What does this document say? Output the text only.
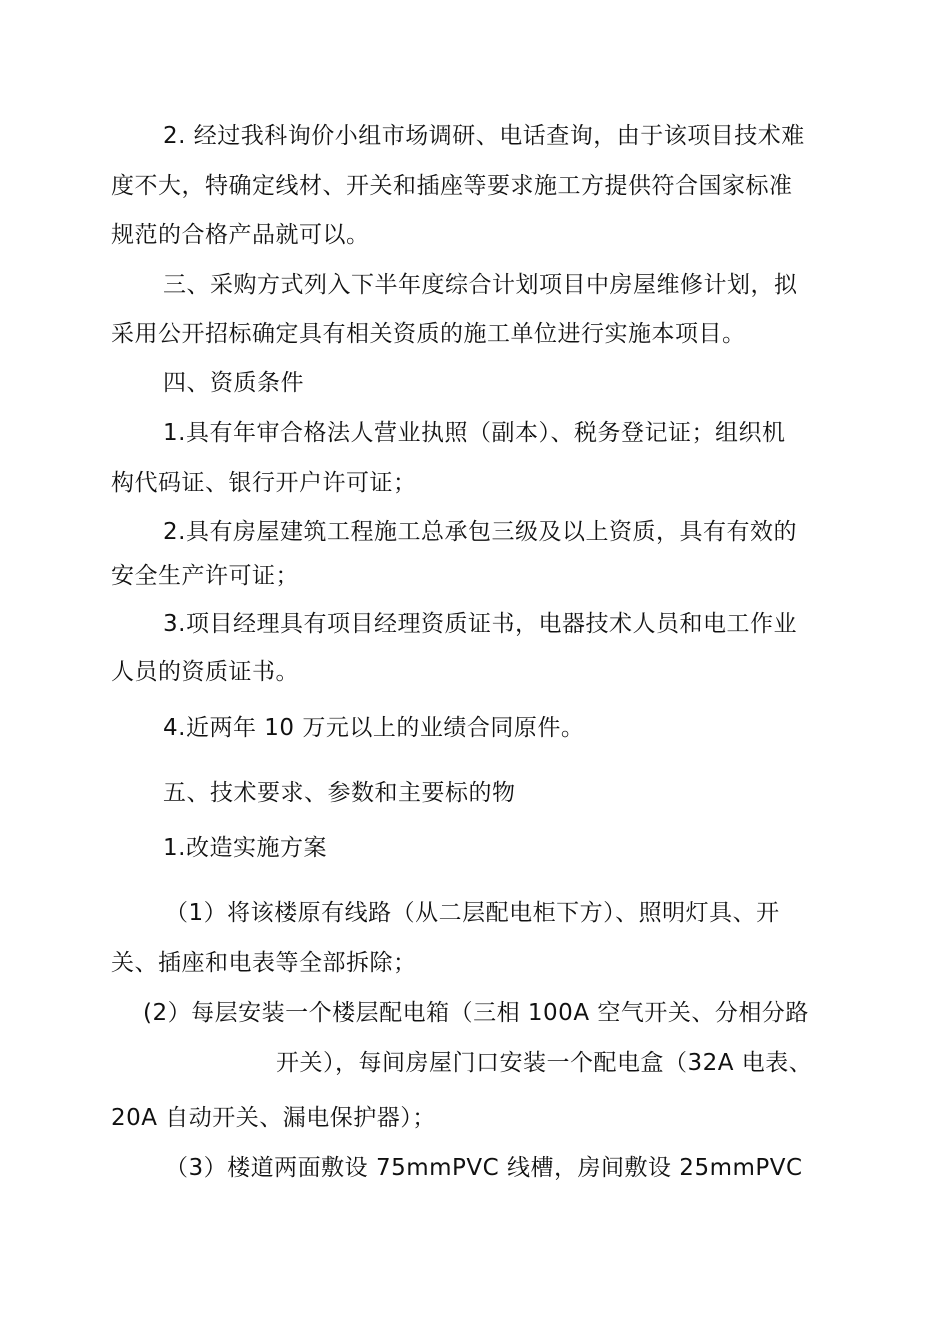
2. 经过我科询价小组市场调研、电话查询，由于该项目技术难
度不大，特确定线材、开关和插座等要求施工方提供符合国家标准
规范的合格产品就可以。
三、采购方式列入下半年度综合计划项目中房屋维修计划，拟
采用公开招标确定具有相关资质的施工单位进行实施本项目。
四、资质条件
1.具有年审合格法人营业执照（副本）、税务登记证；组织机
构代码证、银行开户许可证；
2.具有房屋建筑工程施工总承包三级及以上资质，具有有效的
安全生产许可证；
3.项目经理具有项目经理资质证书，电器技术人员和电工作业
人员的资质证书。
4.近两年 10 万元以上的业绩合同原件。
五、技术要求、参数和主要标的物
1.改造实施方案
（1）将该楼原有线路（从二层配电柜下方）、照明灯具、开
关、插座和电表等全部拆除；
(2）每层安装一个楼层配电箱（三相 100A 空气开关、分相分路
开关），每间房屋门口安装一个配电盒（32A 电表、
20A 自动开关、漏电保护器）；
（3）楼道两面敷设 75mmPVC 线槽，房间敷设 25mmPVC
